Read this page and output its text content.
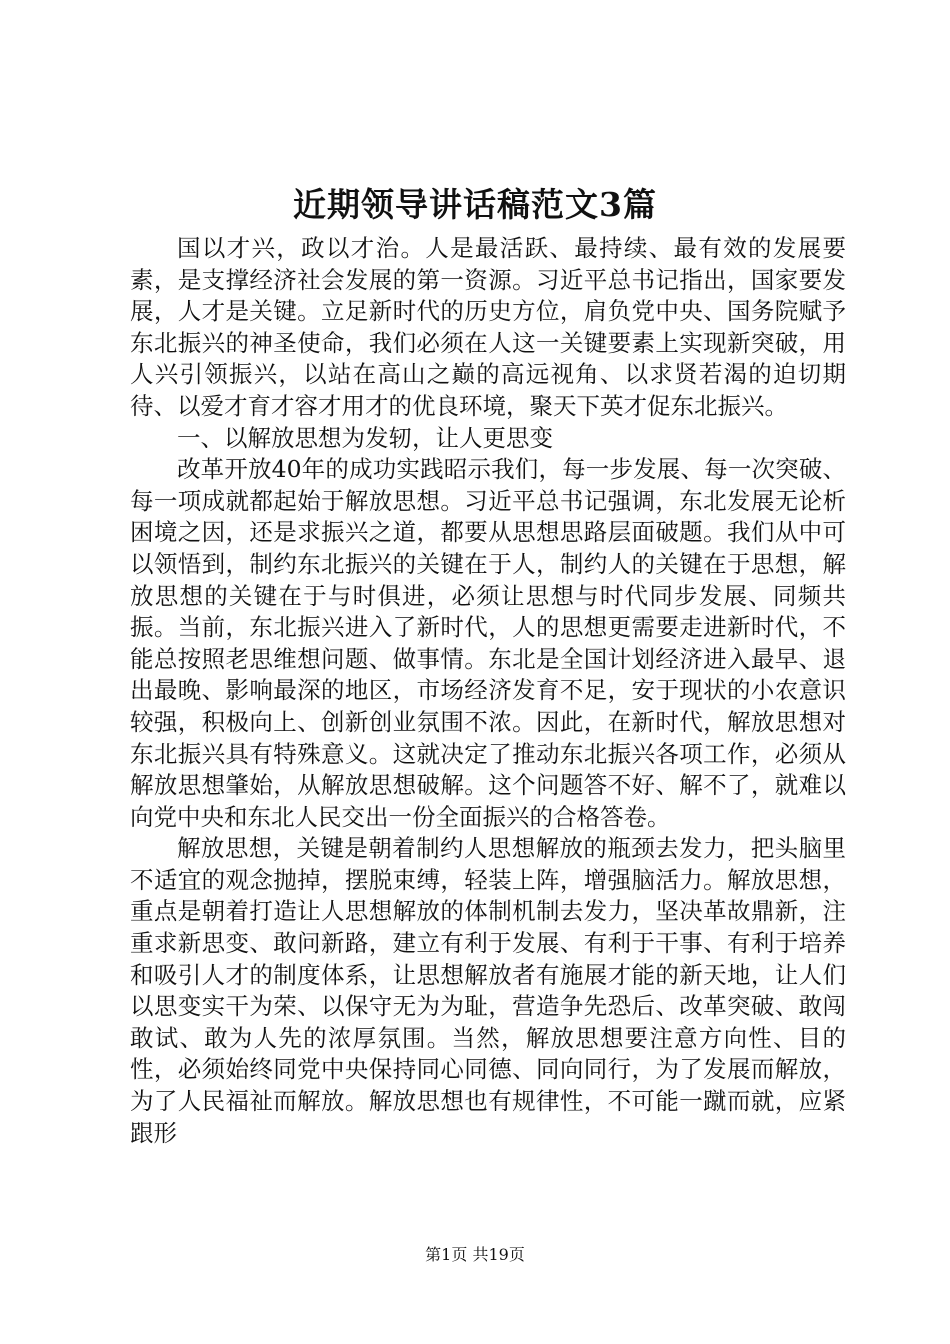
近期领导讲话稿范文3篇

国以才兴，政以才治。人是最活跃、最持续、最有效的发展要素，是支撑经济社会发展的第一资源。习近平总书记指出，国家要发展，人才是关键。立足新时代的历史方位，肩负党中央、国务院赋予东北振兴的神圣使命，我们必须在人这一关键要素上实现新突破，用人兴引领振兴，以站在高山之巅的高远视角、以求贤若渴的迫切期待、以爱才育才容才用才的优良环境，聚天下英才促东北振兴。

一、以解放思想为发轫，让人更思变

改革开放40年的成功实践昭示我们，每一步发展、每一次突破、每一项成就都起始于解放思想。习近平总书记强调，东北发展无论析困境之因，还是求振兴之道，都要从思想思路层面破题。我们从中可以领悟到，制约东北振兴的关键在于人，制约人的关键在于思想，解放思想的关键在于与时俱进，必须让思想与时代同步发展、同频共振。当前，东北振兴进入了新时代，人的思想更需要走进新时代，不能总按照老思维想问题、做事情。东北是全国计划经济进入最早、退出最晚、影响最深的地区，市场经济发育不足，安于现状的小农意识较强，积极向上、创新创业氛围不浓。因此，在新时代，解放思想对东北振兴具有特殊意义。这就决定了推动东北振兴各项工作，必须从解放思想肇始，从解放思想破解。这个问题答不好、解不了，就难以向党中央和东北人民交出一份全面振兴的合格答卷。

解放思想，关键是朝着制约人思想解放的瓶颈去发力，把头脑里不适宜的观念抛掉，摆脱束缚，轻装上阵，增强脑活力。解放思想，重点是朝着打造让人思想解放的体制机制去发力，坚决革故鼎新，注重求新思变、敢问新路，建立有利于发展、有利于干事、有利于培养和吸引人才的制度体系，让思想解放者有施展才能的新天地，让人们以思变实干为荣、以保守无为为耻，营造争先恐后、改革突破、敢闯敢试、敢为人先的浓厚氛围。当然，解放思想要注意方向性、目的性，必须始终同党中央保持同心同德、同向同行，为了发展而解放，为了人民福祉而解放。解放思想也有规律性，不可能一蹴而就，应紧跟形

第1页 共19页
